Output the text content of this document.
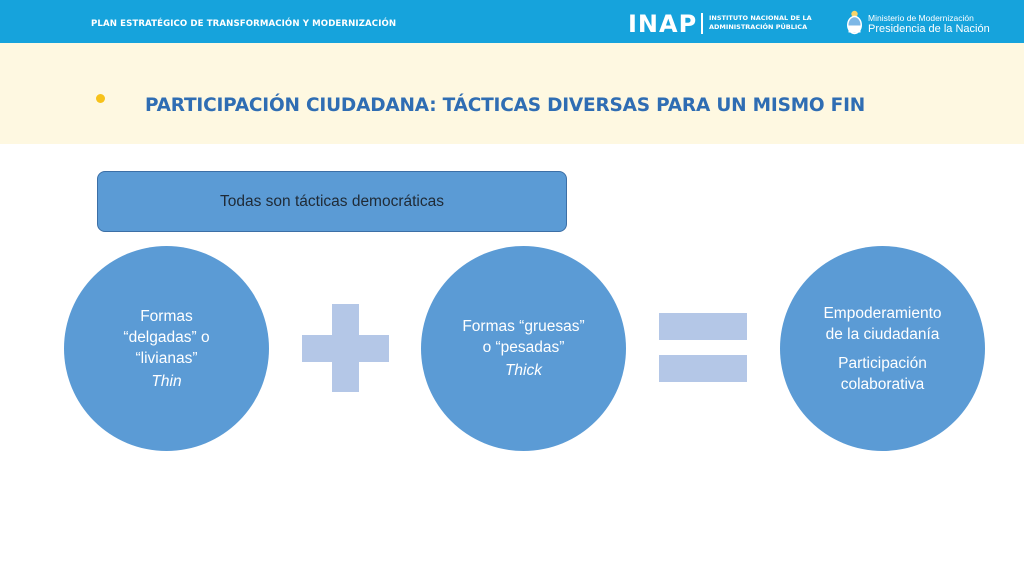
PLAN ESTRATÉGICO DE TRANSFORMACIÓN Y MODERNIZACIÓN	INAP INSTITUTO NACIONAL DE LA
ADMINISTRACIÓN PÚBLICA
Ministerio de Modernización
Presidencia de la Nación
PARTICIPACIÓN CIUDADANA: TÁCTICAS DIVERSAS PARA UN MISMO FIN
Todas son tácticas democráticas
Formas
“delgadas” o
“livianas”
Thin
Formas “gruesas”
o “pesadas”
Thick
Empoderamiento
de la ciudadanía
Participación
colaborativa
